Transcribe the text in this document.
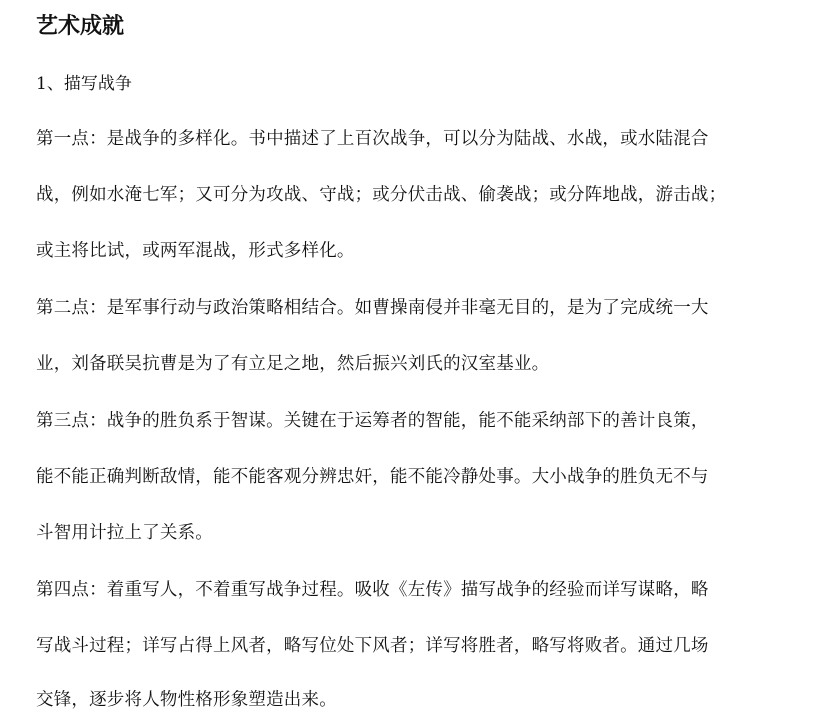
艺术成就

1、描写战争

第一点：是战争的多样化。书中描述了上百次战争，可以分为陆战、水战，或水陆混合

战，例如水淹七军；又可分为攻战、守战；或分伏击战、偷袭战；或分阵地战，游击战；

或主将比试，或两军混战，形式多样化。

第二点：是军事行动与政治策略相结合。如曹操南侵并非毫无目的，是为了完成统一大

业，刘备联吴抗曹是为了有立足之地，然后振兴刘氏的汉室基业。

第三点：战争的胜负系于智谋。关键在于运筹者的智能，能不能采纳部下的善计良策，

能不能正确判断敌情，能不能客观分辨忠奸，能不能冷静处事。大小战争的胜负无不与

斗智用计拉上了关系。

第四点：着重写人，不着重写战争过程。吸收《左传》描写战争的经验而详写谋略，略

写战斗过程；详写占得上风者，略写位处下风者；详写将胜者，略写将败者。通过几场

交锋，逐步将人物性格形象塑造出来。
